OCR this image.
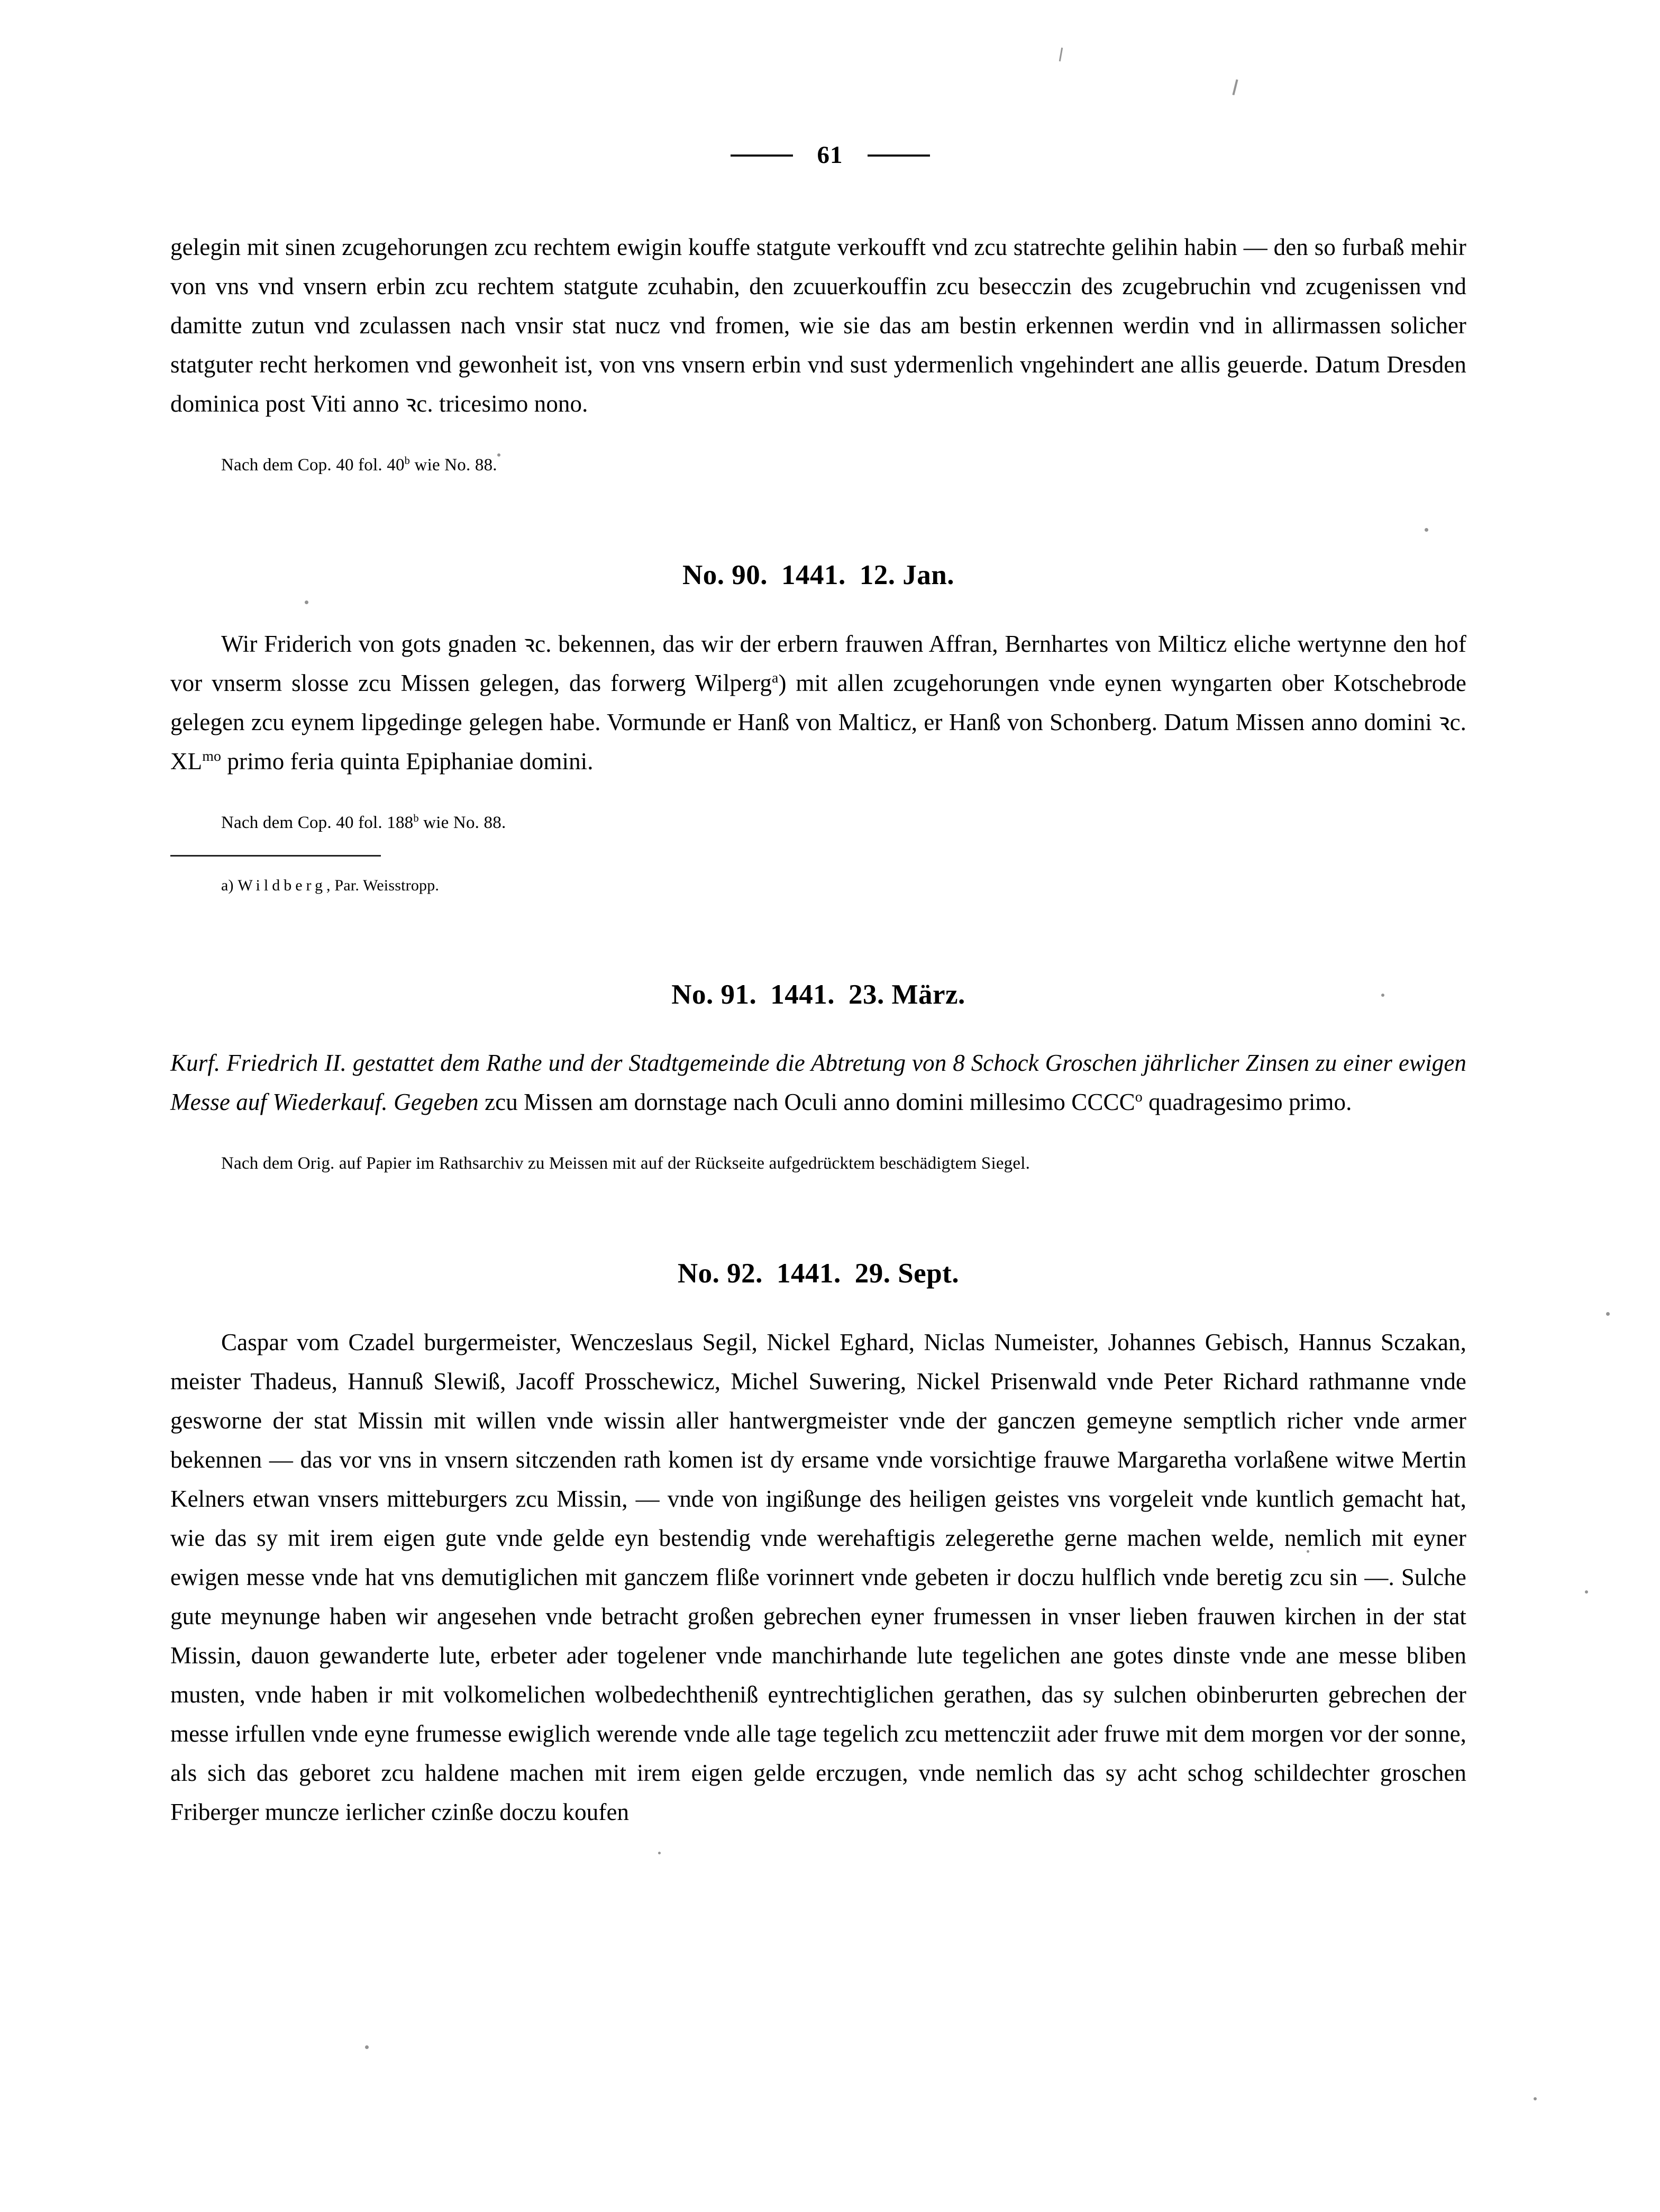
61

gelegin mit sinen zcugehorungen zcu rechtem ewigin kouffe statgute verkoufft vnd zcu statrechte gelihin habin — den so furbaß mehir von vns vnd vnsern erbin zcu rechtem statgute zcuhabin, den zcuuerkouffin zcu besecczin des zcugebruchin vnd zcugenissen vnd damitte zutun vnd zculassen nach vnsir stat nucz vnd fromen, wie sie das am bestin erkennen werdin vnd in allirmassen solicher statguter recht herkomen vnd gewonheit ist, von vns vnsern erbin vnd sust ydermenlich vngehindert ane allis geuerde. Datum Dresden dominica post Viti anno ꝛc. tricesimo nono.

Nach dem Cop. 40 fol. 40$^b$ wie No. 88.

No. 90. 1441. 12. Jan.

Wir Friderich von gots gnaden ꝛc. bekennen, das wir der erbern frauwen Affran, Bernhartes von Milticz eliche wertynne den hof vor vnserm slosse zcu Missen gelegen, das forwerg Wilperg$^a$) mit allen zcugehorungen vnde eynen wyngarten ober Kotschebrode gelegen zcu eynem lipgedinge gelegen habe. Vormunde er Hanß von Malticz, er Hanß von Schonberg. Datum Missen anno domini ꝛc. $XL^{mo}$ primo feria quinta Epiphaniae domini.

Nach dem Cop. 40 fol. 188$^b$ wie No. 88.

a) Wildberg, Par. Weisstropp.

No. 91. 1441. 23. März.

Kurf. Friedrich II. gestattet dem Rathe und der Stadtgemeinde die Abtretung von 8 Schock Groschen jährlicher Zinsen zu einer ewigen Messe auf Wiederkauf. Gegeben zcu Missen am dornstage nach Oculi anno domini millesimo CCCC$^o$ quadragesimo primo.

Nach dem Orig. auf Papier im Rathsarchiv zu Meissen mit auf der Rückseite aufgedrücktem beschädigtem Siegel.

No. 92. 1441. 29. Sept.

Caspar vom Czadel burgermeister, Wenczeslaus Segil, Nickel Eghard, Niclas Numeister, Johannes Gebisch, Hannus Sczakan, meister Thadeus, Hannuß Slewiß, Jacoff Prosschewicz, Michel Suwering, Nickel Prisenwald vnde Peter Richard rathmanne vnde gesworne der stat Missin mit willen vnde wissin aller hantwergmeister vnde der ganczen gemeyne semptlich richer vnde armer bekennen — das vor vns in vnsern sitczenden rath komen ist dy ersame vnde vorsichtige frauwe Margaretha vorlaßene witwe Mertin Kelners etwan vnsers mitteburgers zcu Missin, — vnde von ingißunge des heiligen geistes vns vorgeleit vnde kuntlich gemacht hat, wie das sy mit irem eigen gute vnde gelde eyn bestendig vnde werehaftigis zelegerethe gerne machen welde, nemlich mit eyner ewigen messe vnde hat vns demutiglichen mit ganczem fliße vorinnert vnde gebeten ir doczu hulflich vnde beretig zcu sin —. Sulche gute meynunge haben wir angesehen vnde betracht großen gebrechen eyner frumessen in vnser lieben frauwen kirchen in der stat Missin, dauon gewanderte lute, erbeter ader togelener vnde manchirhande lute tegelichen ane gotes dinste vnde ane messe bliben musten, vnde haben ir mit volkomelichen wolbedechtheniß eyntrechtiglichen gerathen, das sy sulchen obinberurten gebrechen der messe irfullen vnde eyne frumesse ewiglich werende vnde alle tage tegelich zcu mettencziit ader fruwe mit dem morgen vor der sonne, als sich das geboret zcu haldene machen mit irem eigen gelde erczugen, vnde nemlich das sy acht schog schildechter groschen Friberger muncze ierlicher czinße doczu koufen
